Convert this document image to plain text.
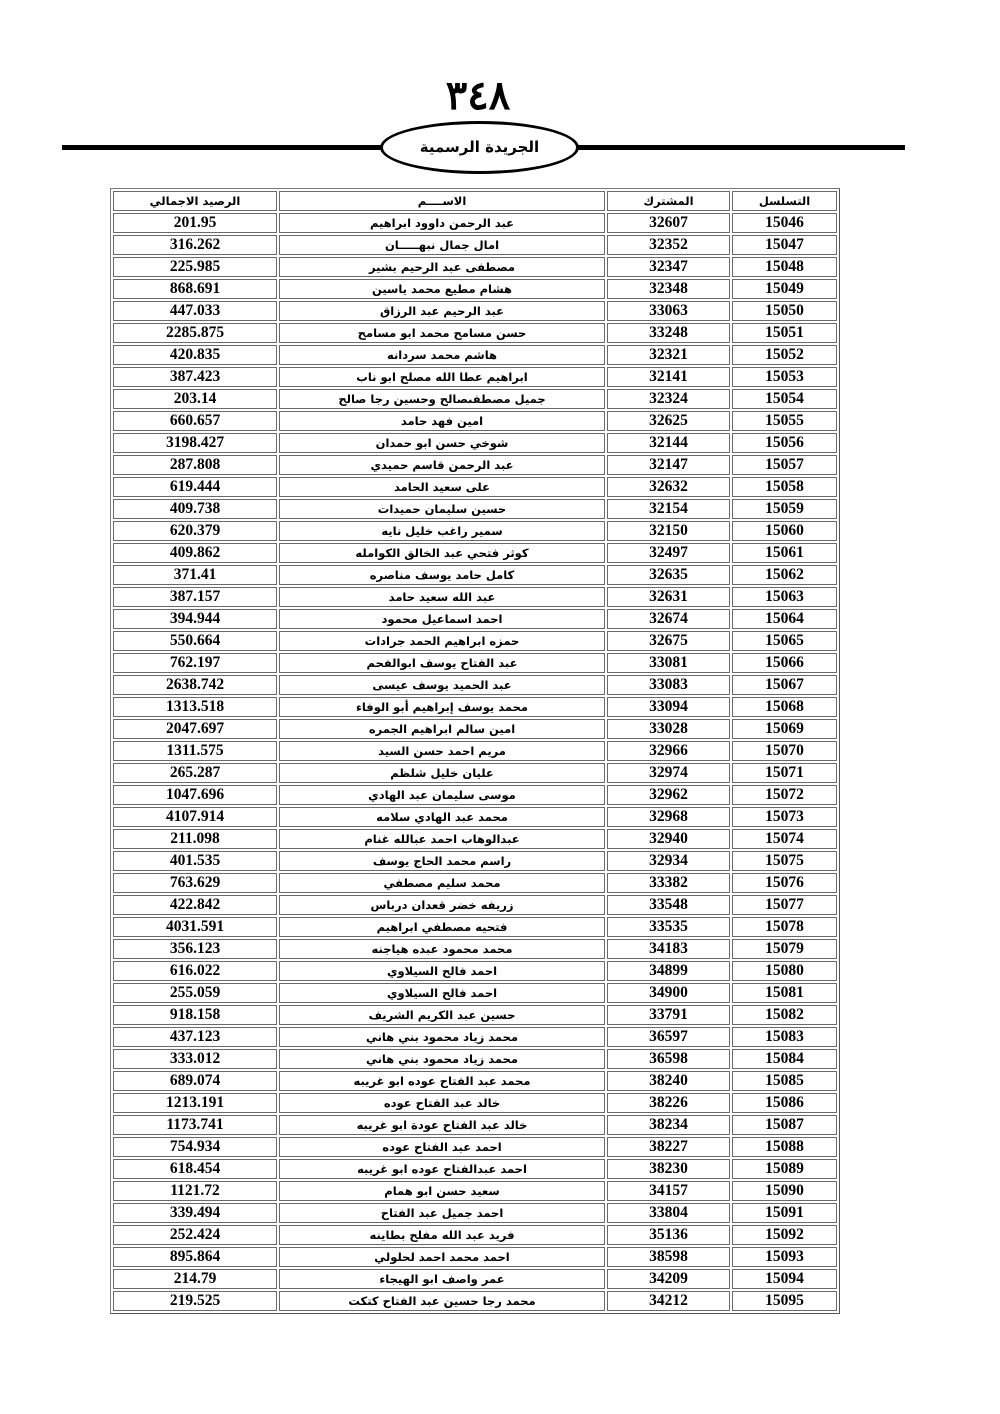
٣٤٨
الجريدة الرسمية
الرصيد الاجمالي	الاســــم	المشترك	التسلسل
201.95	عبد الرحمن داوود ابراهيم	32607	15046
316.262	امال جمال نبهـــــان	32352	15047
225.985	مصطفى عبد الرحيم بشير	32347	15048
868.691	هشام مطيع محمد ياسين	32348	15049
447.033	عبد الرحيم عبد الرزاق	33063	15050
2285.875	حسن مسامح محمد ابو مسامح	33248	15051
420.835	هاشم محمد سردانه	32321	15052
387.423	ابراهيم عطا الله مصلح ابو ناب	32141	15053
203.14	جميل مصطفىصالح وحسين رجا صالح	32324	15054
660.657	امين فهد حامد	32625	15055
3198.427	شوخي حسن ابو حمدان	32144	15056
287.808	عبد الرحمن قاسم حميدي	32147	15057
619.444	على سعيد الحامد	32632	15058
409.738	حسين سليمان حميدات	32154	15059
620.379	سمير راغب خليل نايه	32150	15060
409.862	كوثر فتحي عبد الخالق الكوامله	32497	15061
371.41	كامل حامد يوسف مناصره	32635	15062
387.157	عبد الله سعيد حامد	32631	15063
394.944	احمد اسماعيل محمود	32674	15064
550.664	حمزه ابراهيم الحمد جرادات	32675	15065
762.197	عبد الفتاح يوسف ابوالفحم	33081	15066
2638.742	عبد الحميد يوسف عيسى	33083	15067
1313.518	محمد يوسف إبراهيم أبو الوفاء	33094	15068
2047.697	امين سالم ابراهيم الجمره	33028	15069
1311.575	مريم احمد حسن السيد	32966	15070
265.287	عليان خليل شلظم	32974	15071
1047.696	موسى سليمان عبد الهادي	32962	15072
4107.914	محمد عبد الهادي سلامه	32968	15073
211.098	عبدالوهاب احمد عبالله غنام	32940	15074
401.535	راسم محمد الحاج يوسف	32934	15075
763.629	محمد سليم مصطفي	33382	15076
422.842	زريفه خضر قعدان درباس	33548	15077
4031.591	فتحيه مصطفي ابراهيم	33535	15078
356.123	محمد محمود عبده هياجنه	34183	15079
616.022	احمد فالح السيلاوي	34899	15080
255.059	احمد فالح السيلاوي	34900	15081
918.158	حسين عبد الكريم الشريف	33791	15082
437.123	محمد زياد محمود بني هاني	36597	15083
333.012	محمد زياد محمود بني هاني	36598	15084
689.074	محمد عبد الفتاح عوده ابو غريبه	38240	15085
1213.191	خالد عبد الفتاح عوده	38226	15086
1173.741	خالد عبد الفتاح عودة ابو غريبه	38234	15087
754.934	احمد عبد الفتاح عوده	38227	15088
618.454	احمد عبدالفتاح عوده ابو غريبه	38230	15089
1121.72	سعيد حسن ابو همام	34157	15090
339.494	احمد جميل عبد الفتاح	33804	15091
252.424	فريد عبد الله مفلح بطاينه	35136	15092
895.864	احمد محمد احمد لحلولي	38598	15093
214.79	عمر واصف ابو الهيجاء	34209	15094
219.525	محمد رجا حسين عبد الفتاح كتكت	34212	15095
